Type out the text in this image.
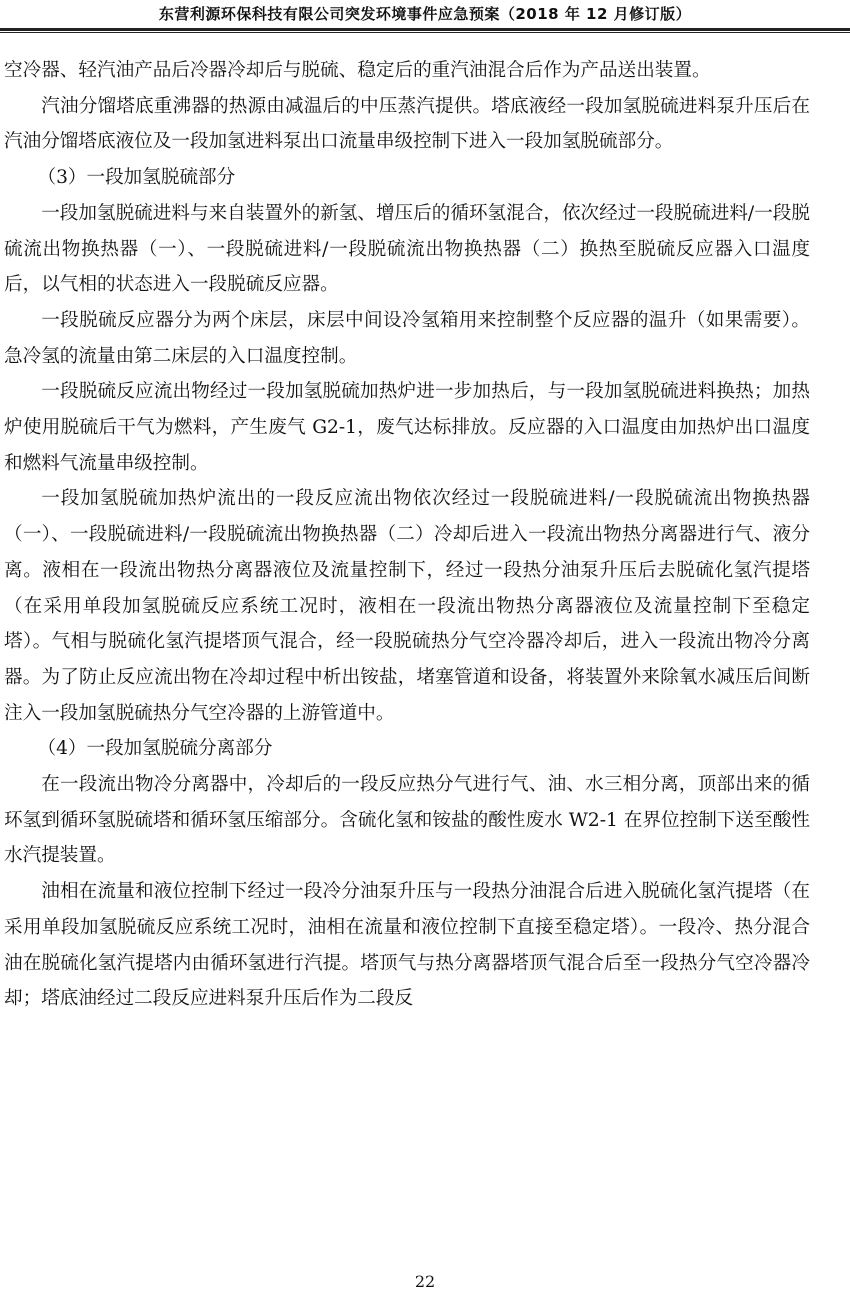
东营利源环保科技有限公司突发环境事件应急预案（2018 年 12 月修订版）

空冷器、轻汽油产品后冷器冷却后与脱硫、稳定后的重汽油混合后作为产品送出装置。

汽油分馏塔底重沸器的热源由减温后的中压蒸汽提供。塔底液经一段加氢脱硫进料泵升压后在汽油分馏塔底液位及一段加氢进料泵出口流量串级控制下进入一段加氢脱硫部分。

（3）一段加氢脱硫部分

一段加氢脱硫进料与来自装置外的新氢、增压后的循环氢混合，依次经过一段脱硫进料/一段脱硫流出物换热器（一）、一段脱硫进料/一段脱硫流出物换热器（二）换热至脱硫反应器入口温度后，以气相的状态进入一段脱硫反应器。

一段脱硫反应器分为两个床层，床层中间设冷氢箱用来控制整个反应器的温升（如果需要）。急冷氢的流量由第二床层的入口温度控制。

一段脱硫反应流出物经过一段加氢脱硫加热炉进一步加热后，与一段加氢脱硫进料换热；加热炉使用脱硫后干气为燃料，产生废气 G2-1，废气达标排放。反应器的入口温度由加热炉出口温度和燃料气流量串级控制。

一段加氢脱硫加热炉流出的一段反应流出物依次经过一段脱硫进料/一段脱硫流出物换热器（一）、一段脱硫进料/一段脱硫流出物换热器（二）冷却后进入一段流出物热分离器进行气、液分离。液相在一段流出物热分离器液位及流量控制下，经过一段热分油泵升压后去脱硫化氢汽提塔（在采用单段加氢脱硫反应系统工况时，液相在一段流出物热分离器液位及流量控制下至稳定塔）。气相与脱硫化氢汽提塔顶气混合，经一段脱硫热分气空冷器冷却后，进入一段流出物冷分离器。为了防止反应流出物在冷却过程中析出铵盐，堵塞管道和设备，将装置外来除氧水减压后间断注入一段加氢脱硫热分气空冷器的上游管道中。

（4）一段加氢脱硫分离部分

在一段流出物冷分离器中，冷却后的一段反应热分气进行气、油、水三相分离，顶部出来的循环氢到循环氢脱硫塔和循环氢压缩部分。含硫化氢和铵盐的酸性废水 W2-1 在界位控制下送至酸性水汽提装置。

油相在流量和液位控制下经过一段冷分油泵升压与一段热分油混合后进入脱硫化氢汽提塔（在采用单段加氢脱硫反应系统工况时，油相在流量和液位控制下直接至稳定塔）。一段冷、热分混合油在脱硫化氢汽提塔内由循环氢进行汽提。塔顶气与热分离器塔顶气混合后至一段热分气空冷器冷却；塔底油经过二段反应进料泵升压后作为二段反

22
